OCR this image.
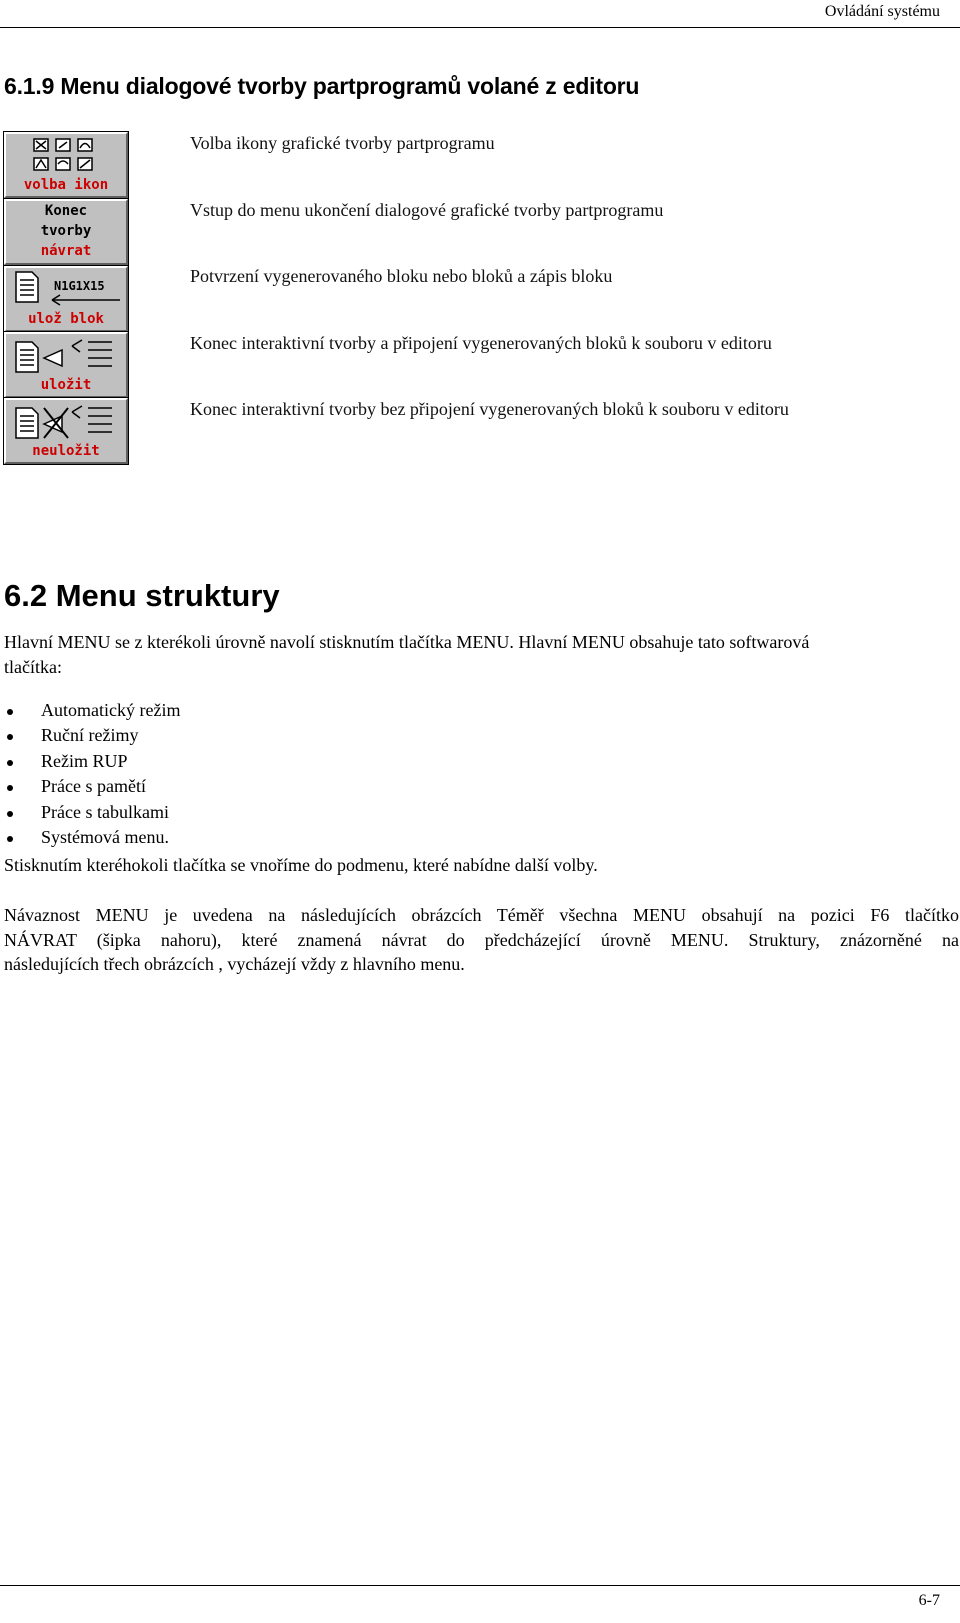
Ovládání systému
6.1.9 Menu dialogové tvorby partprogramů volané z editoru
volba ikon
Volba ikony grafické tvorby partprogramu
Konec
tvorby
návrat
Vstup do menu ukončení dialogové grafické tvorby partprogramu
N1G1X15
ulož blok
Potvrzení vygenerovaného bloku nebo bloků a zápis bloku
uložit
Konec interaktivní tvorby a připojení vygenerovaných bloků k souboru v editoru
neuložit
Konec interaktivní tvorby bez připojení vygenerovaných bloků k souboru v editoru
6.2 Menu struktury

Hlavní MENU se z kterékoli úrovně navolí stisknutím tlačítka MENU. Hlavní MENU obsahuje tato softwarová
tlačítka:

Automatický režim
Ruční režimy
Režim RUP
Práce s pamětí
Práce s tabulkami
Systémová menu.

Stisknutím kteréhokoli tlačítka se vnoříme do podmenu, které nabídne další volby.

Návaznost MENU je uvedena na následujících obrázcích Téměř všechna MENU obsahují na pozici F6 tlačítko
NÁVRAT (šipka nahoru), které znamená návrat do předcházející úrovně MENU. Struktury, znázorněné na
následujících třech obrázcích , vycházejí vždy z hlavního menu.
6-7
